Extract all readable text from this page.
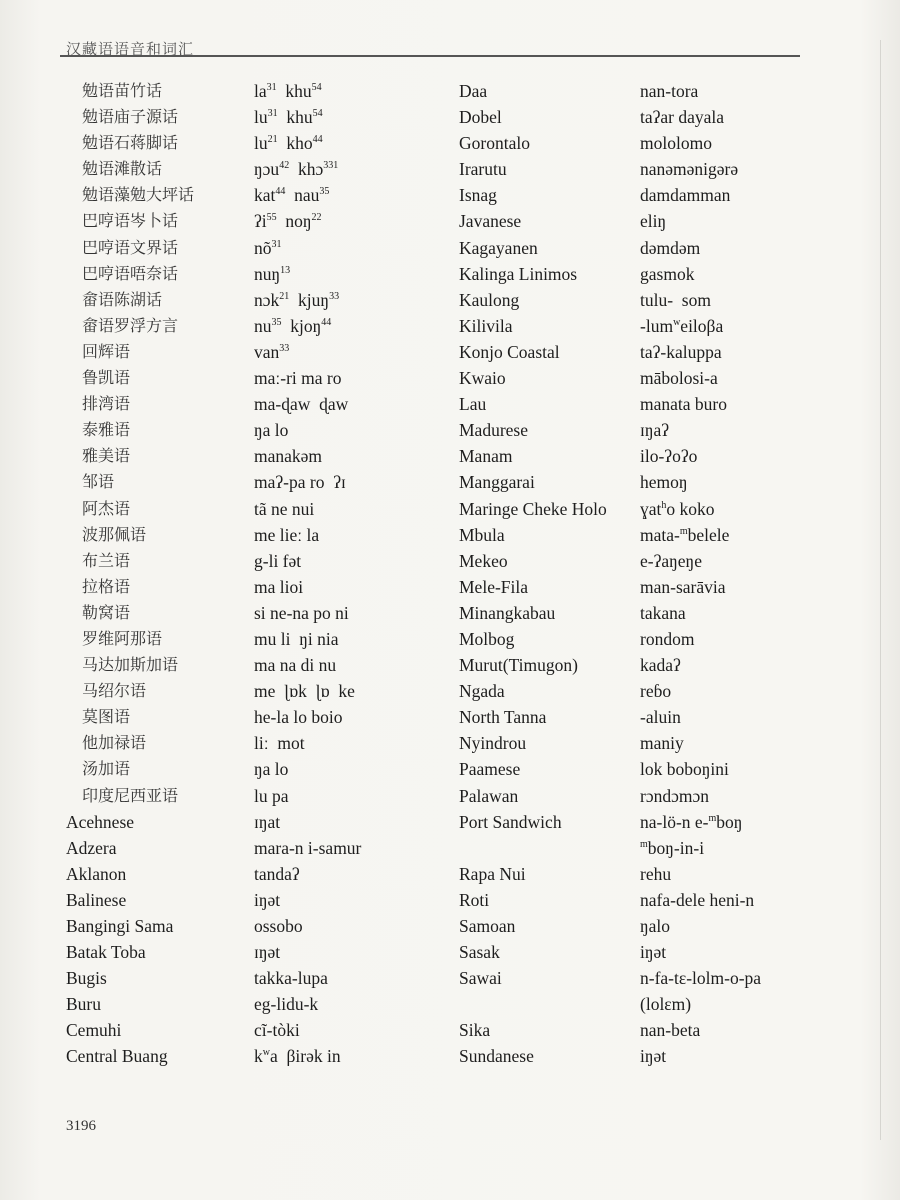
汉藏语语音和词汇
勉语苗竹话
勉语庙子源话
勉语石蒋脚话
勉语滩散话
勉语藻勉大坪话
巴哼语岑卜话
巴哼语文界话
巴哼语唔奈话
畲语陈湖话
畲语罗浮方言
回辉语
鲁凯语
排湾语
泰雅语
雅美语
邹语
阿杰语
波那佩语
布兰语
拉格语
勒窝语
罗维阿那语
马达加斯加语
马绍尔语
莫图语
他加禄语
汤加语
印度尼西亚语
Acehnese
Adzera
Aklanon
Balinese
Bangingi Sama
Batak Toba
Bugis
Buru
Cemuhi
Central Buang
$la^{31}$  khu$^{54}$
$lu^{31}$  khu$^{54}$
$lu^{21}$  kho$^{44}$
ŋɔu$^{42}$  khɔ$^{331}$
kat$^{44}$  nau$^{35}$
ʔi$^{55}$  noŋ$^{22}$
$nõ^{31}$
nuŋ$^{13}$
nɔk$^{21}$  kjuŋ$^{33}$
$nu^{35}$  kjoŋ$^{44}$
van$^{33}$
maː-ri ma ro
ma-ɖaw  ɖaw
ŋa lo
manakəm
maʔ-pa ro  ʔɪ
tã ne nui
me lieː la
g-li fət
ma lioi
si ne-na po ni
mu li  ŋi nia
ma na di nu
me  ɭɒk  ɭɒ  ke
he-la lo boio
liː  mot
ŋa lo
lu pa
ɪŋat
mara-n i-samur
tandaʔ
iŋət
ossobo
ɪŋət
takka-lupa
eg-lidu-k
cĩ-tòki
$k^wa$  βirək in
Daa
Dobel
Gorontalo
Irarutu
Isnag
Javanese
Kagayanen
Kalinga Linimos
Kaulong
Kilivila
Konjo Coastal
Kwaio
Lau
Madurese
Manam
Manggarai
Maringe Cheke Holo
Mbula
Mekeo
Mele-Fila
Minangkabau
Molbog
Murut(Timugon)
Ngada
North Tanna
Nyindrou
Paamese
Palawan
Port Sandwich
Rapa Nui
Roti
Samoan
Sasak
Sawai
Sika
Sundanese
nan-tora
taʔar dayala
mololomo
nanəmənigərə
damdamman
eliŋ
dəmdəm
gasmok
tulu-  som
-lum$^w$eiloβa
taʔ-kaluppa
mābolosi-a
manata buro
ɪŋaʔ
ilo-ʔoʔo
hemoŋ
ɣat$^h$o koko
mata-$^m$belele
e-ʔaŋeŋe
man-sarāvia
takana
rondom
kadaʔ
reɓo
-aluin
maniy
lok boboŋini
rɔndɔmɔn
na-lö-n e-$^m$boŋ
$^m$boŋ-in-i
rehu
nafa-dele heni-n
ŋalo
iŋət
n-fa-tɛ-lolm-o-pa
(lolɛm)
nan-beta
iŋət
3196
